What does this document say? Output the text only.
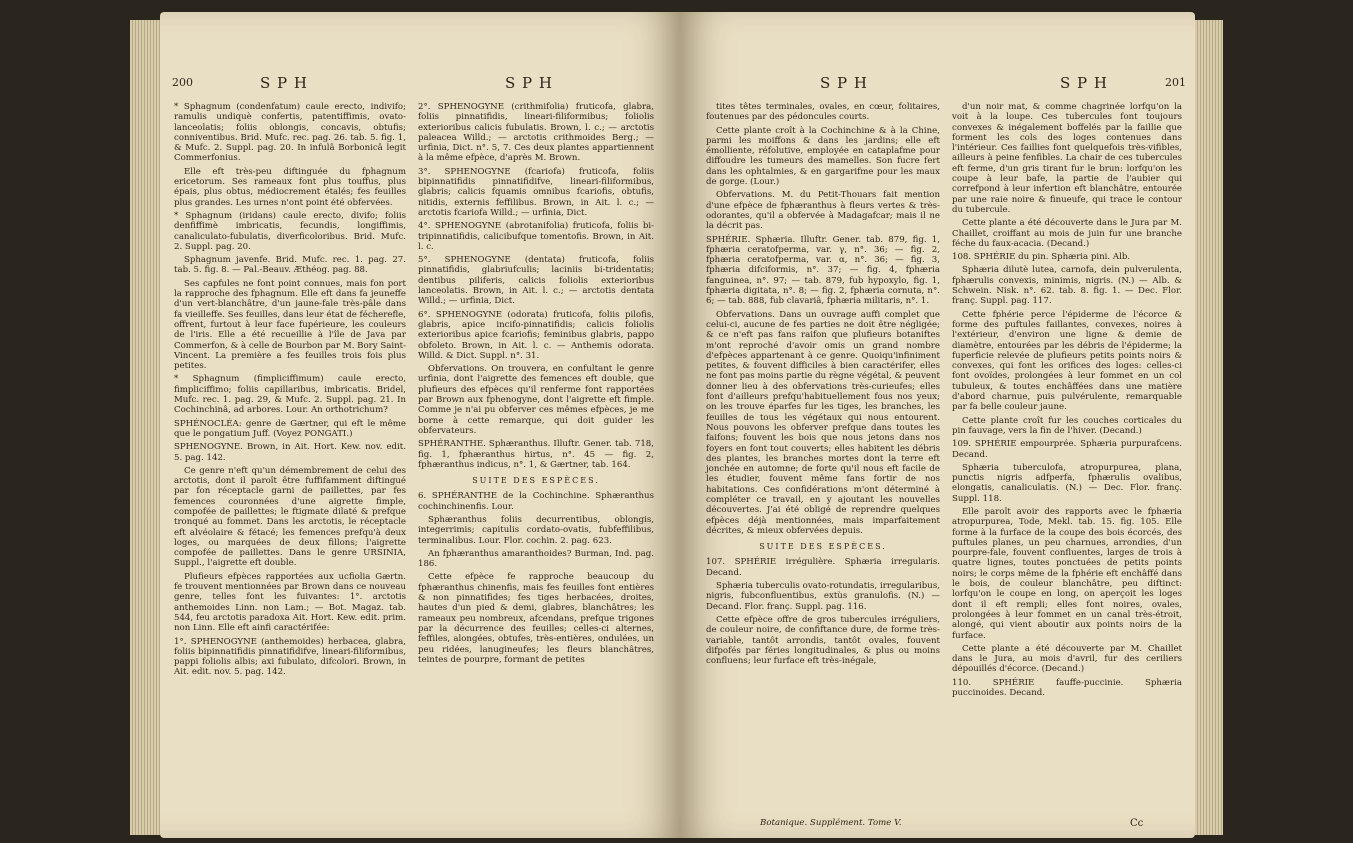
200	S P H	S P H

* Sphagnum (condenfatum) caule erecto, indivifo; ramulis undiquè confertis, patentiffimis, ovato-lanceolatis; foliis oblongis, concavis, obtufis; conniventibus. Brid. Mufc. rec. pag. 26. tab. 5. fig. 1, & Mufc. 2. Suppl. pag. 20. In infulâ Borbonicâ legit Commerfonius.

Elle eft très-peu diftinguée du fphagnum ericetorum. Ses rameaux font plus touffus, plus épais, plus obtus, médiocrement étalés; fes feuilles plus grandes. Les urnes n'ont point été obfervées.

* Sphagnum (iridans) caule erecto, divifo; foliis denfiffimè imbricatis, fecundis, longiffimis, canaliculato-fubulatis, diverficoloribus. Brid. Mufc. 2. Suppl. pag. 20.

Sphagnum javenfe. Brid. Mufc. rec. 1. pag. 27. tab. 5. fig. 8. — Pal.-Beauv. Æthéog. pag. 88.

Ses capfules ne font point connues, mais fon port la rapproche des fphagnum. Elle eft dans fa jeuneffe d'un vert-blanchâtre, d'un jaune-fale très-pâle dans fa vieilleffe. Ses feuilles, dans leur état de fécherefle, offrent, furtout à leur face fupérieure, les couleurs de l'iris. Elle a été recueillie à l'île de Java par Commerfon, & à celle de Bourbon par M. Bory Saint-Vincent. La première a fes feuilles trois fois plus petites.

* Sphagnum (fimpliciffimum) caule erecto, fimpliciffimo; foliis capillaribus, imbricatis. Bridel, Mufc. rec. 1. pag. 29, & Mufc. 2. Suppl. pag. 21. In Cochinchinâ, ad arbores. Lour. An orthotrichum?

SPHÉNOCLÉA: genre de Gærtner, qui eft le même que le pongatium Juff. (Voyez PONGATI.)

SPHENOGYNE. Brown, in Ait. Hort. Kew. nov. edit. 5. pag. 142.

Ce genre n'eft qu'un démembrement de celui des arctotis, dont il paroît être fuffifamment diftingué par fon réceptacle garni de paillettes, par fes femences couronnées d'une aigrette fimple, compofée de paillettes; le ftigmate dilaté & prefque tronqué au fommet. Dans les arctotis, le réceptacle eft alvéolaire & fétacé; les femences prefqu'à deux loges, ou marquées de deux fillons; l'aigrette compofée de paillettes. Dans le genre URSINIA, Suppl., l'aigrette eft double.

Plufieurs efpèces rapportées aux ucfiolia Gærtn. fe trouvent mentionnées par Brown dans ce nouveau genre, telles font les fuivantes: 1°. arctotis anthemoides Linn. non Lam.; — Bot. Magaz. tab. 544, feu arctotis paradoxa Ait. Hort. Kew. edit. prim. non Linn. Elle eft ainfi caractérifée:

1°. SPHENOGYNE (anthemoides) herbacea, glabra, foliis bipinnatifidis pinnatifidifve, lineari-filiformibus, pappi foliolis albis; axi fubulato, difcolori. Brown, in Ait. edit. nov. 5. pag. 142.

2°. SPHENOGYNE (crithmifolia) fruticofa, glabra, foliis pinnatifidis, lineari-filiformibus; foliolis exterioribus calicis fubulatis. Brown, l. c.; — arctotis paleacea Willd.; — arctotis crithmoides Berg.; — urfinia, Dict. n°. 5, 7. Ces deux plantes appartiennent à la même efpèce, d'après M. Brown.

3°. SPHENOGYNE (fcariofa) fruticofa, foliis bipinnatifidis pinnatifidifve, lineari-filiformibus, glabris; calicis fquamis omnibus fcariofis, obtufis, nitidis, externis feffilibus. Brown, in Ait. l. c.; — arctotis fcariofa Willd.; — urfinia, Dict.

4°. SPHENOGYNE (abrotanifolia) fruticofa, foliis bi-tripinnatifidis, calicibufque tomentofis. Brown, in Ait. l. c.

5°. SPHENOGYNE (dentata) fruticofa, foliis pinnatifidis, glabriufculis; laciniis bi-tridentatis; dentibus piliferis, calicis foliolis exterioribus lanceolatis. Brown, in Ait. l. c.; — arctotis dentata Willd.; — urfinia, Dict.

6°. SPHENOGYNE (odorata) fruticofa, foliis pilofis, glabris, apice incifo-pinnatifidis; calicis foliolis exterioribus apice fcariofis; feminibus glabris, pappo obfoleto. Brown, in Ait. l. c. — Anthemis odorata. Willd. & Dict. Suppl. n°. 31.

Obfervations. On trouvera, en confultant le genre urfinia, dont l'aigrette des femences eft double, que plufieurs des efpèces qu'il renferme font rapportées par Brown aux fphenogyne, dont l'aigrette eft fimple. Comme je n'ai pu obferver ces mêmes efpèces, je me borne à cette remarque, qui doit guider les obfervateurs.

SPHÉRANTHE. Sphæranthus. Illuftr. Gener. tab. 718, fig. 1, fphæranthus hirtus, n°. 45 — fig. 2, fphæranthus indicus, n°. 1, & Gærtner, tab. 164.

SUITE DES ESPÈCES.

6. SPHÉRANTHE de la Cochinchine. Sphæranthus cochinchinenfis. Lour.

Sphæranthus foliis decurrentibus, oblongis, integerrimis; capitulis cordato-ovatis, fubfeffilibus, terminalibus. Lour. Flor. cochin. 2. pag. 623.

An fphæranthus amaranthoides? Burman, Ind. pag. 186.

Cette efpèce fe rapproche beaucoup du fphæranthus chinenfis, mais fes feuilles font entières & non pinnatifides; fes tiges herbacées, droites, hautes d'un pied & demi, glabres, blanchâtres; les rameaux peu nombreux, afcendans, prefque trigones par la décurrence des feuilles; celles-ci alternes, feffiles, alongées, obtufes, très-entières, ondulées, un peu ridées, lanugineufes; les fleurs blanchâtres, teintes de pourpre, formant de petites

S P H	S P H	201

tites têtes terminales, ovales, en cœur, folitaires, foutenues par des pédoncules courts.

Cette plante croît à la Cochinchine & à la Chine, parmi les moiffons & dans les jardins; elle eft émolliente, réfolutive, employée en cataplafme pour diffoudre les tumeurs des mamelles. Son fucre fert dans les ophtalmies, & en gargarifme pour les maux de gorge. (Lour.)

Obfervations. M. du Petit-Thouars fait mention d'une efpèce de fphæranthus à fleurs vertes & très-odorantes, qu'il a obfervée à Madagafcar; mais il ne la décrit pas.

SPHÉRIE. Sphæria. Illuftr. Gener. tab. 879, fig. 1, fphæria ceratofperma, var. γ, n°. 36; — fig. 2, fphæria ceratofperma, var. α, n°. 36; — fig. 3, fphæria difciformis, n°. 37; — fig. 4, fphæria fanguinea, n°. 97; — tab. 879, fub hypoxylo, fig. 1, fphæria digitata, n°. 8; — fig. 2, fphæria cornuta, n°. 6; — tab. 888, fub clavariâ, fphæria militaris, n°. 1.

Obfervations. Dans un ouvrage auffi complet que celui-ci, aucune de fes parties ne doit être négligée; & ce n'eft pas fans raifon que plufieurs botaniftes m'ont reproché d'avoir omis un grand nombre d'efpèces appartenant à ce genre. Quoiqu'infiniment petites, & fouvent difficiles à bien caractérifer, elles ne font pas moins partie du règne végétal, & peuvent donner lieu à des obfervations très-curieufes; elles font d'ailleurs prefqu'habituellement fous nos yeux; on les trouve éparfes fur les tiges, les branches, les feuilles de tous les végétaux qui nous entourent. Nous pouvons les obferver prefque dans toutes les faifons; fouvent les bois que nous jetons dans nos foyers en font tout couverts; elles habitent les débris des plantes, les branches mortes dont la terre eft jonchée en automne; de forte qu'il nous eft facile de les étudier, fouvent même fans fortir de nos habitations. Ces confidérations m'ont déterminé à compléter ce travail, en y ajoutant les nouvelles découvertes. J'ai été obligé de reprendre quelques efpèces déjà mentionnées, mais imparfaitement décrites, & mieux obfervées depuis.

SUITE DES ESPÈCES.

107. SPHÉRIE irrégulière. Sphæria irregularis. Decand.

Sphæria tuberculis ovato-rotundatis, irregularibus, nigris, fubconfluentibus, extùs granulofis. (N.) — Decand. Flor. franç. Suppl. pag. 116.

Cette efpèce offre de gros tubercules irréguliers, de couleur noire, de confiftance dure, de forme très-variable, tantôt arrondis, tantôt ovales, fouvent difpofés par féries longitudinales, & plus ou moins confluens; leur furface eft très-inégale,

d'un noir mat, & comme chagrinée lorfqu'on la voit à la loupe. Ces tubercules font toujours convexes & inégalement boffelés par la faillie que forment les cols des loges contenues dans l'intérieur. Ces faillies font quelquefois très-vifibles, ailleurs à peine fenfibles. La chair de ces tubercules eft ferme, d'un gris tirant fur le brun: lorfqu'on les coupe à leur bafe, la partie de l'aubier qui correfpond à leur infertion eft blanchâtre, entourée par une raie noire & finueufe, qui trace le contour du tubercule.

Cette plante a été découverte dans le Jura par M. Chaillet, croiffant au mois de juin fur une branche féche du faux-acacia. (Decand.)

108. SPHÉRIE du pin. Sphæria pini. Alb.

Sphæria dilutè lutea, carnofa, deìn pulverulenta, fphærulis convexis, minimis, nigris. (N.) — Alb. & Schwein. Nisk. n°. 62. tab. 8. fig. 1. — Dec. Flor. franç. Suppl. pag. 117.

Cette fphérie perce l'épiderme de l'écorce & forme des puftules faillantes, convexes, noires à l'extérieur, d'environ une ligne & demie de diamètre, entourées par les débris de l'épiderme; la fuperficie relevée de plufieurs petits points noirs & convexes, qui font les orifices des loges: celles-ci font ovoïdes, prolongées à leur fommet en un col tubuleux, & toutes enchâffées dans une matière d'abord charnue, puis pulvérulente, remarquable par fa belle couleur jaune.

Cette plante croît fur les couches corticales du pin fauvage, vers la fin de l'hiver. (Decand.)

109. SPHÉRIE empourprée. Sphæria purpurafcens. Decand.

Sphæria tuberculofa, atropurpurea, plana, punctis nigris adfperfa, fphærulis ovalibus, elongatis, canaliculatis. (N.) — Dec. Flor. franç. Suppl. 118.

Elle paroît avoir des rapports avec le fphæria atropurpurea, Tode, Mekl. tab. 15. fig. 105. Elle forme à la furface de la coupe des bois écorcés, des puftules planes, un peu charnues, arrondies, d'un pourpre-fale, fouvent confluentes, larges de trois à quatre lignes, toutes ponctuées de petits points noirs; le corps même de la fphérie eft enchâffé dans le bois, de couleur blanchâtre, peu diftinct: lorfqu'on le coupe en long, on aperçoit les loges dont il eft rempli; elles font noires, ovales, prolongées à leur fommet en un canal très-étroit, alongé, qui vient aboutir aux points noirs de la furface.

Cette plante a été découverte par M. Chaillet dans le Jura, au mois d'avril, fur des ceriliers dépouillés d'écorce. (Decand.)

110. SPHÉRIE fauffe-puccinie. Sphæria puccinoides. Decand.

Botanique. Supplément. Tome V.	Cc
